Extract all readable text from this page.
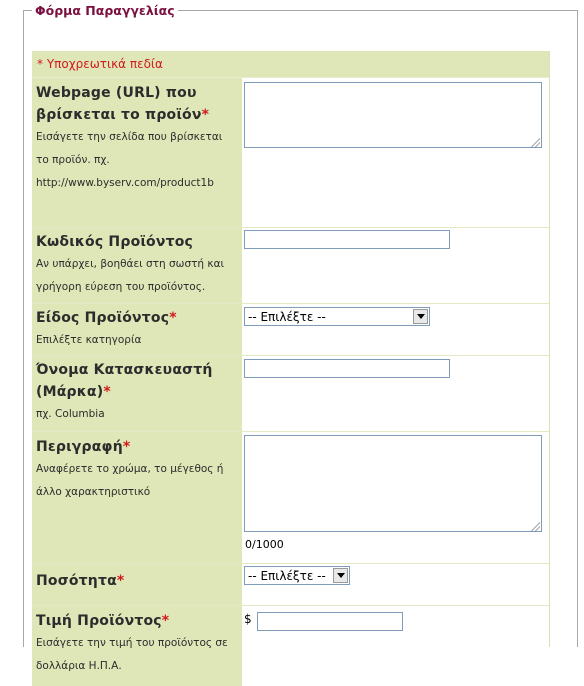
Φόρμα Παραγγελίας
* Υποχρεωτικά πεδία
Webpage (URL) που βρίσκεται το προϊόν*
Εισάγετε την σελίδα που βρίσκεται
το προϊόν. πχ.
http://www.byserv.com/product1b
Κωδικός Προϊόντος
Αν υπάρχει, βοηθάει στη σωστή και
γρήγορη εύρεση του προϊόντος.
Είδος Προϊόντος*
Επιλέξτε κατηγορία
-- Επιλέξτε --
Όνομα Κατασκευαστή
(Μάρκα)*
πχ. Columbia
Περιγραφή*
Αναφέρετε το χρώμα, το μέγεθος ή
άλλο χαρακτηριστικό
0/1000
Ποσότητα*	-- Επιλέξτε --
Τιμή Προϊόντος*
Εισάγετε την τιμή του προϊόντος σε
δολλάρια Η.Π.Α.
$
